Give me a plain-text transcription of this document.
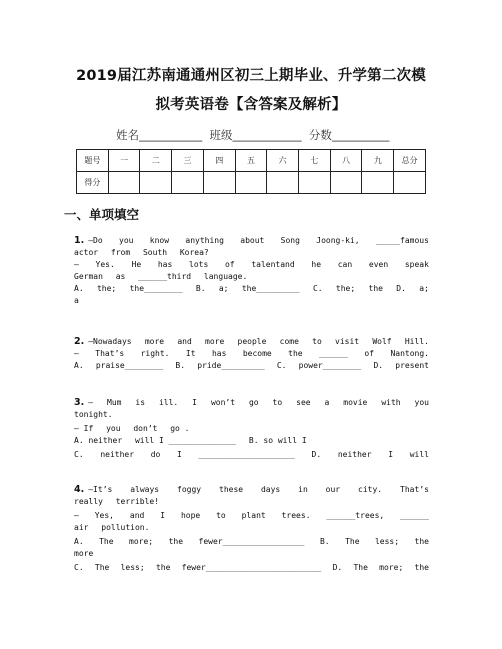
2019届江苏南通通州区初三上期毕业、升学第二次模
拟考英语卷【含答案及解析】
姓名___________  班级____________  分数__________
题号	一	二	三	四	五	六	七	八	九	总分
得分										
一、单项填空
1. —Do you know anything about Song Joong-ki, _____famous
actor from South Korea?
— Yes. He has lots of talentand he can even speak
German as ______third language.
A. the; the________ B. a; the_________ C. the; the D. a;
a
2. —Nowadays more and more people come to visit Wolf Hill.
— That’s right. It has become the ______ of Nantong.
A. praise________ B. pride_________ C. power________ D. present
3. — Mum is ill. I won’t go to see a movie with you
tonight.
— If you don’t go .
A. neither will I ______________ B. so will I
C. neither do I ____________________ D. neither I will
4. —It’s always foggy these days in our city. That’s
really terrible!
— Yes, and I hope to plant trees. ______trees, ______
air pollution.
A. The more; the fewer_________________ B. The less; the
more
C. The less; the fewer________________________ D. The more; the
